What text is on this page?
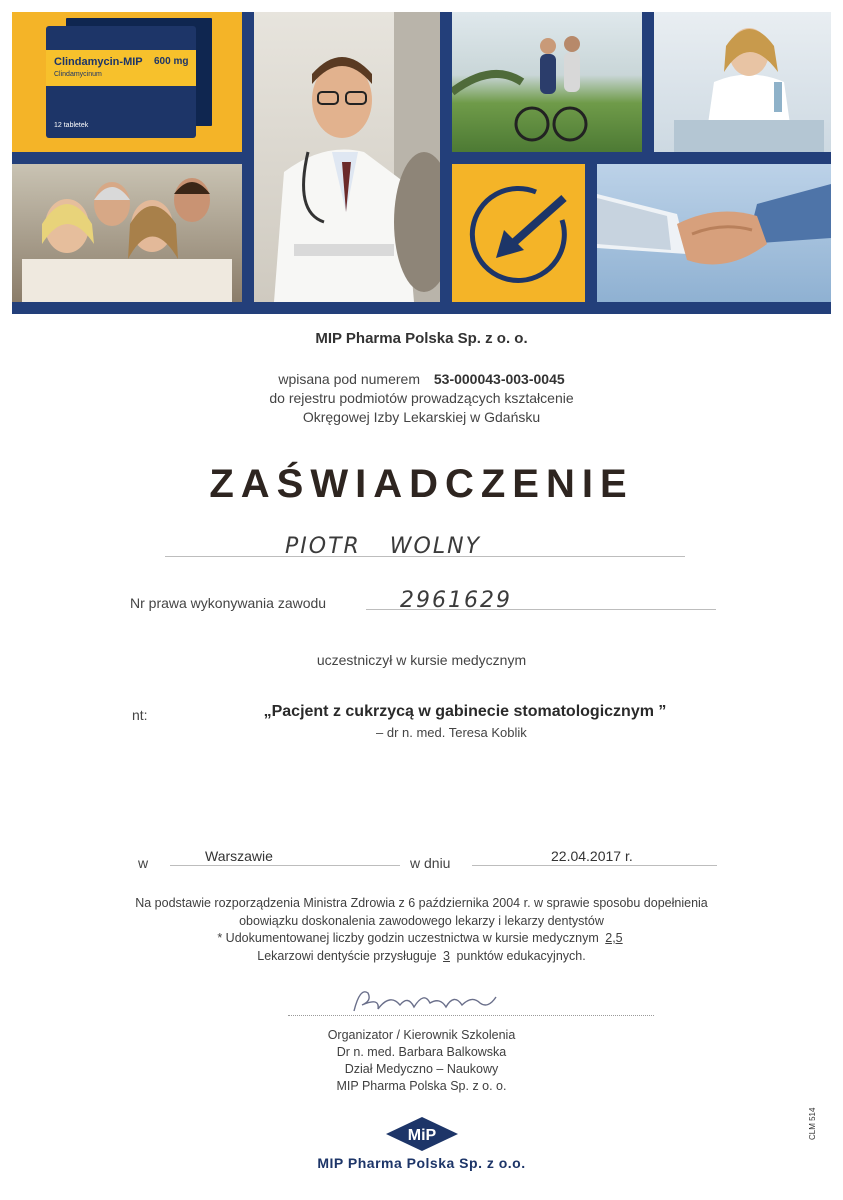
Clindamycin-MIP 600 mg
Clindamycinum
12 tabletek
MIP Pharma Polska Sp. z o. o.
wpisana pod numerem 53-000043-003-0045
do rejestru podmiotów prowadzących kształcenie
Okręgowej Izby Lekarskiej w Gdańsku
ZAŚWIADCZENIE
PIOTR WOLNY
Nr prawa wykonywania zawodu	2961629
uczestniczył w kursie medycznym
nt:	„Pacjent z cukrzycą w gabinecie stomatologicznym ”
– dr n. med. Teresa Koblik
w	Warszawie	w dniu	22.04.2017 r.
Na podstawie rozporządzenia Ministra Zdrowia z 6 października 2004 r. w sprawie sposobu dopełnienia
obowiązku doskonalenia zawodowego lekarzy i lekarzy dentystów
* Udokumentowanej liczby godzin uczestnictwa w kursie medycznym 2,5
Lekarzowi dentyście przysługuje 3 punktów edukacyjnych.
Organizator / Kierownik Szkolenia
Dr n. med. Barbara Balkowska
Dział Medyczno – Naukowy
MIP Pharma Polska Sp. z o. o.
MiP
MIP Pharma Polska Sp. z o.o.
CLM 514
